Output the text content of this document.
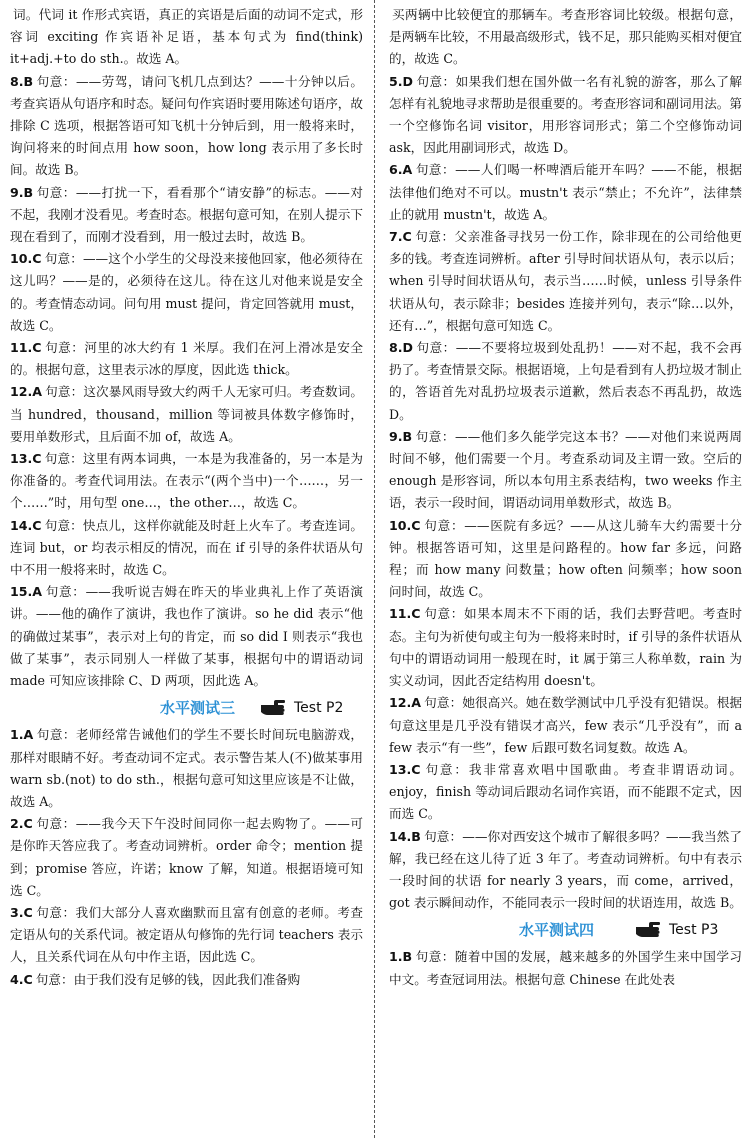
词。代词 it 作形式宾语，真正的宾语是后面的动词不定式，形容词 exciting 作宾语补足语，基本句式为 find(think) it+adj.+to do sth.。故选 A。

8.B 句意：——劳驾，请问飞机几点到达？——十分钟以后。考查宾语从句语序和时态。疑问句作宾语时要用陈述句语序，故排除 C 选项，根据答语可知飞机十分钟后到，用一般将来时，询问将来的时间点用 how soon，how long 表示用了多长时间。故选 B。

9.B 句意：——打扰一下，看看那个“请安静”的标志。——对不起，我刚才没看见。考查时态。根据句意可知，在别人提示下现在看到了，而刚才没看到，用一般过去时，故选 B。

10.C 句意：——这个小学生的父母没来接他回家，他必须待在这儿吗？——是的，必须待在这儿。待在这儿对他来说是安全的。考查情态动词。问句用 must 提问，肯定回答就用 must，故选 C。

11.C 句意：河里的冰大约有 1 米厚。我们在河上滑冰是安全的。根据句意，这里表示冰的厚度，因此选 thick。

12.A 句意：这次暴风雨导致大约两千人无家可归。考查数词。当 hundred，thousand，million 等词被具体数字修饰时，要用单数形式，且后面不加 of，故选 A。

13.C 句意：这里有两本词典，一本是为我准备的，另一本是为你准备的。考查代词用法。在表示“(两个当中)一个……，另一个……”时，用句型 one…，the other…，故选 C。

14.C 句意：快点儿，这样你就能及时赶上火车了。考查连词。连词 but，or 均表示相反的情况，而在 if 引导的条件状语从句中不用一般将来时，故选 C。

15.A 句意：——我听说吉姆在昨天的毕业典礼上作了英语演讲。——他的确作了演讲，我也作了演讲。so he did 表示“他的确做过某事”，表示对上句的肯定，而 so did I 则表示“我也做了某事”，表示同别人一样做了某事，根据句中的谓语动词 made 可知应该排除 C、D 两项，因此选 A。

水平测试三	Test P2

1.A 句意：老师经常告诫他们的学生不要长时间玩电脑游戏，那样对眼睛不好。考查动词不定式。表示警告某人(不)做某事用 warn sb.(not) to do sth.，根据句意可知这里应该是不让做，故选 A。

2.C 句意：——我今天下午没时间同你一起去购物了。——可是你昨天答应我了。考查动词辨析。order 命令；mention 提到；promise 答应，许诺；know 了解，知道。根据语境可知选 C。

3.C 句意：我们大部分人喜欢幽默而且富有创意的老师。考查定语从句的关系代词。被定语从句修饰的先行词 teachers 表示人，且关系代词在从句中作主语，因此选 C。

4.C 句意：由于我们没有足够的钱，因此我们准备购

买两辆中比较便宜的那辆车。考查形容词比较级。根据句意，是两辆车比较，不用最高级形式，钱不足，那只能购买相对便宜的，故选 C。

5.D 句意：如果我们想在国外做一名有礼貌的游客，那么了解怎样有礼貌地寻求帮助是很重要的。考查形容词和副词用法。第一个空修饰名词 visitor，用形容词形式；第二个空修饰动词 ask，因此用副词形式，故选 D。

6.A 句意：——人们喝一杯啤酒后能开车吗？——不能，根据法律他们绝对不可以。mustn't 表示“禁止；不允许”，法律禁止的就用 mustn't，故选 A。

7.C 句意：父亲准备寻找另一份工作，除非现在的公司给他更多的钱。考查连词辨析。after 引导时间状语从句，表示以后；when 引导时间状语从句，表示当……时候，unless 引导条件状语从句，表示除非；besides 连接并列句，表示“除…以外，还有…”，根据句意可知选 C。

8.D 句意：——不要将垃圾到处乱扔！——对不起，我不会再扔了。考查情景交际。根据语境，上句是看到有人扔垃圾才制止的，答语首先对乱扔垃圾表示道歉，然后表态不再乱扔，故选 D。

9.B 句意：——他们多久能学完这本书？——对他们来说两周时间不够，他们需要一个月。考查系动词及主谓一致。空后的 enough 是形容词，所以本句用主系表结构，two weeks 作主语，表示一段时间，谓语动词用单数形式，故选 B。

10.C 句意：——医院有多远？——从这儿骑车大约需要十分钟。根据答语可知，这里是问路程的。how far 多远，问路程；而 how many 问数量；how often 问频率；how soon 问时间，故选 C。

11.C 句意：如果本周末不下雨的话，我们去野营吧。考查时态。主句为祈使句或主句为一般将来时时，if 引导的条件状语从句中的谓语动词用一般现在时，it 属于第三人称单数，rain 为实义动词，因此否定结构用 doesn't。

12.A 句意：她很高兴。她在数学测试中几乎没有犯错误。根据句意这里是几乎没有错误才高兴，few 表示“几乎没有”，而 a few 表示“有一些”，few 后跟可数名词复数。故选 A。

13.C 句意：我非常喜欢唱中国歌曲。考查非谓语动词。enjoy，finish 等动词后跟动名词作宾语，而不能跟不定式，因而选 C。

14.B 句意：——你对西安这个城市了解很多吗？——我当然了解，我已经在这儿待了近 3 年了。考查动词辨析。句中有表示一段时间的状语 for nearly 3 years，而 come，arrived，got 表示瞬间动作，不能同表示一段时间的状语连用，故选 B。

水平测试四	Test P3

1.B 句意：随着中国的发展，越来越多的外国学生来中国学习中文。考查冠词用法。根据句意 Chinese 在此处表
